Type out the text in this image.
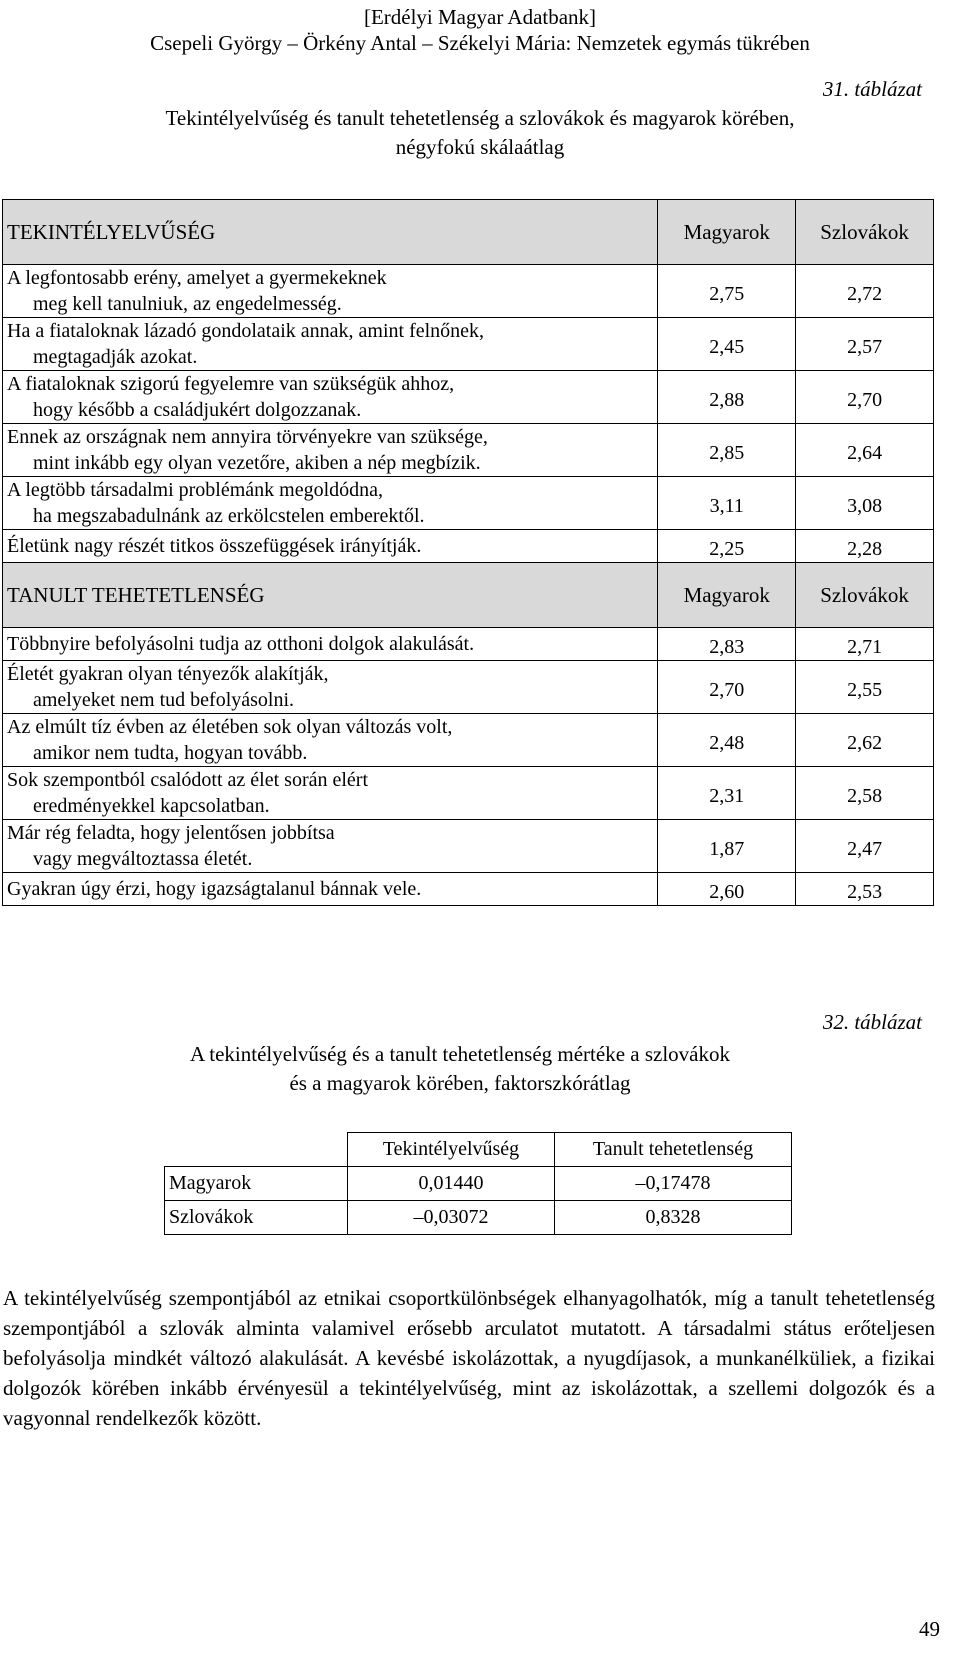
[Erdélyi Magyar Adatbank]
Csepeli György – Örkény Antal – Székelyi Mária: Nemzetek egymás tükrében
31. táblázat
Tekintélyelvűség és tanult tehetetlenség a szlovákok és magyarok körében,
négyfokú skálaátlag
TEKINTÉLYELVŰSÉG	Magyarok	Szlovákok

A legfontosabb erény, amelyet a gyermekeknek
meg kell tanulniuk, az engedelmesség.	2,75	2,72

Ha a fiataloknak lázadó gondolataik annak, amint felnőnek,
megtagadják azokat.	2,45	2,57

A fiataloknak szigorú fegyelemre van szükségük ahhoz,
hogy később a családjukért dolgozzanak.	2,88	2,70

Ennek az országnak nem annyira törvényekre van szüksége,
mint inkább egy olyan vezetőre, akiben a nép megbízik.	2,85	2,64

A legtöbb társadalmi problémánk megoldódna,
ha megszabadulnánk az erkölcstelen emberektől.	3,11	3,08

Életünk nagy részét titkos összefüggések irányítják.	2,25	2,28
TANULT TEHETETLENSÉG	Magyarok	Szlovákok

Többnyire befolyásolni tudja az otthoni dolgok alakulását.	2,83	2,71

Életét gyakran olyan tényezők alakítják,
amelyeket nem tud befolyásolni.	2,70	2,55

Az elmúlt tíz évben az életében sok olyan változás volt,
amikor nem tudta, hogyan tovább.	2,48	2,62

Sok szempontból csalódott az élet során elért
eredményekkel kapcsolatban.	2,31	2,58

Már rég feladta, hogy jelentősen jobbítsa
vagy megváltoztassa életét.	1,87	2,47

Gyakran úgy érzi, hogy igazságtalanul bánnak vele.	2,60	2,53
32. táblázat
A tekintélyelvűség és a tanult tehetetlenség mértéke a szlovákok
és a magyarok körében, faktorszkórátlag
	Tekintélyelvűség	Tanult tehetetlenség
Magyarok	0,01440	–0,17478
Szlovákok	–0,03072	0,8328

A tekintélyelvűség szempontjából az etnikai csoportkülönbségek elhanyagolhatók, míg a tanult tehetetlenség szempontjából a szlovák alminta valamivel erősebb arculatot mutatott. A társadalmi státus erőteljesen befolyásolja mindkét változó alakulását. A kevésbé iskolázottak, a nyugdíjasok, a munkanélküliek, a fizikai dolgozók körében inkább érvényesül a tekintélyelvűség, mint az iskolázottak, a szellemi dolgozók és a vagyonnal rendelkezők között.

49
